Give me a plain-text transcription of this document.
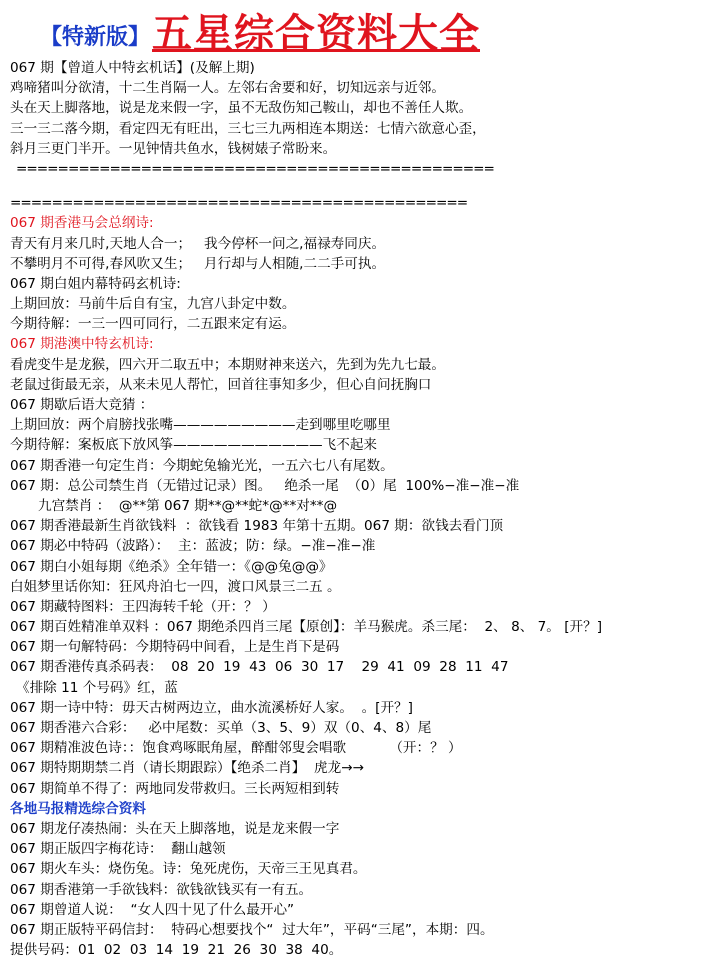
【特新版】 五星综合资料大全
067 期【曾道人中特玄机话】(及解上期)
鸡啼猪叫分欲清，十二生肖隔一人。左邻右舍要和好，切知远亲与近邻。
头在天上脚落地，说是龙来假一字，虽不无敌伤知己鞍山，却也不善任人欺。
三一三二落今期，看定四无有旺出，三七三九两相连本期送：七情六欲意心歪，
斜月三更门半开。一见钟情共鱼水，钱树婊子常盼来。
==============================================
============================================
067 期香港马会总纲诗:
青天有月来几时,天地人合一；   我今停杯一问之,福禄寿同庆。
不攀明月不可得,春风吹又生；   月行却与人相随,二二手可执。
067 期白姐内幕特码玄机诗:
上期回放：马前牛后自有宝，九宫八卦定中数。
今期待解：一三一四可同行，二五跟来定有运。
067 期港澳中特玄机诗:
看虎变牛是龙猴，四六开二取五中；本期财神来送六，先到为先九七最。
老鼠过街最无亲，从来未见人帮忙，回首往事知多少，但心自问抚胸口
067 期歇后语大竞猜 ：
上期回放：两个肩膀找张嘴—————————走到哪里吃哪里
今期待解：案板底下放风筝———————————飞不起来
067 期香港一句定生肖：今期蛇兔输光光，一五六七八有尾数。
067 期：总公司禁生肖（无错过记录）图。   绝杀一尾  （0）尾  100%−准−准−准
九宫禁肖 ：  @**第 067 期**@**蛇*@**对**@
067 期香港最新生肖欲钱料  ：欲钱看 1983 年第十五期。067 期：欲钱去看门顶
067 期必中特码（波路）：  主：蓝波；防：绿。−准−准−准
067 期白小姐每期《绝杀》全年错一：《@@兔@@》
白姐梦里话你知：狂风舟泊七一四，渡口风景三二五 。
067 期藏特图料：王四海转千轮（开：？ ）
067 期百姓精准单双料 ：067 期绝杀四肖三尾【原创】：羊马猴虎。杀三尾：  2、 8、 7。 [开？]
067 期一句解特码：今期特码中间看，上是生肖下是码
067 期香港传真杀码表：  08  20  19  43  06  30  17    29  41  09  28  11  47
《排除 11 个号码》红，蓝
067 期一诗中特：毋天古树两边立，曲水流溪桥好人家。  。[开？]
067 期香港六合彩：   必中尾数：买单（3、5、9）双（0、4、8）尾
067 期精准波色诗：：饱食鸡啄眠角屋，醉酣邻叟会唱歌          （开：？ ）
067 期特期期禁二肖（请长期跟踪）【绝杀二肖】  虎龙→→
067 期简单不得了：两地同发带救归。三长两短相到转
各地马报精选综合资料
067 期龙仔凑热闹：头在天上脚落地，说是龙来假一字
067 期正版四字梅花诗：  翻山越领
067 期火车头：烧伤兔。诗：兔死虎伤，天帝三王见真君。
067 期香港第一手欲钱料：欲钱欲钱买有一有五。
067 期曾道人说：  “女人四十见了什么最开心”
067 期正版特平码信封：  特码心想要找个“  过大年”，平码“三尾”，本期：四。
提供号码：01  02  03  14  19  21  26  30  38  40。
